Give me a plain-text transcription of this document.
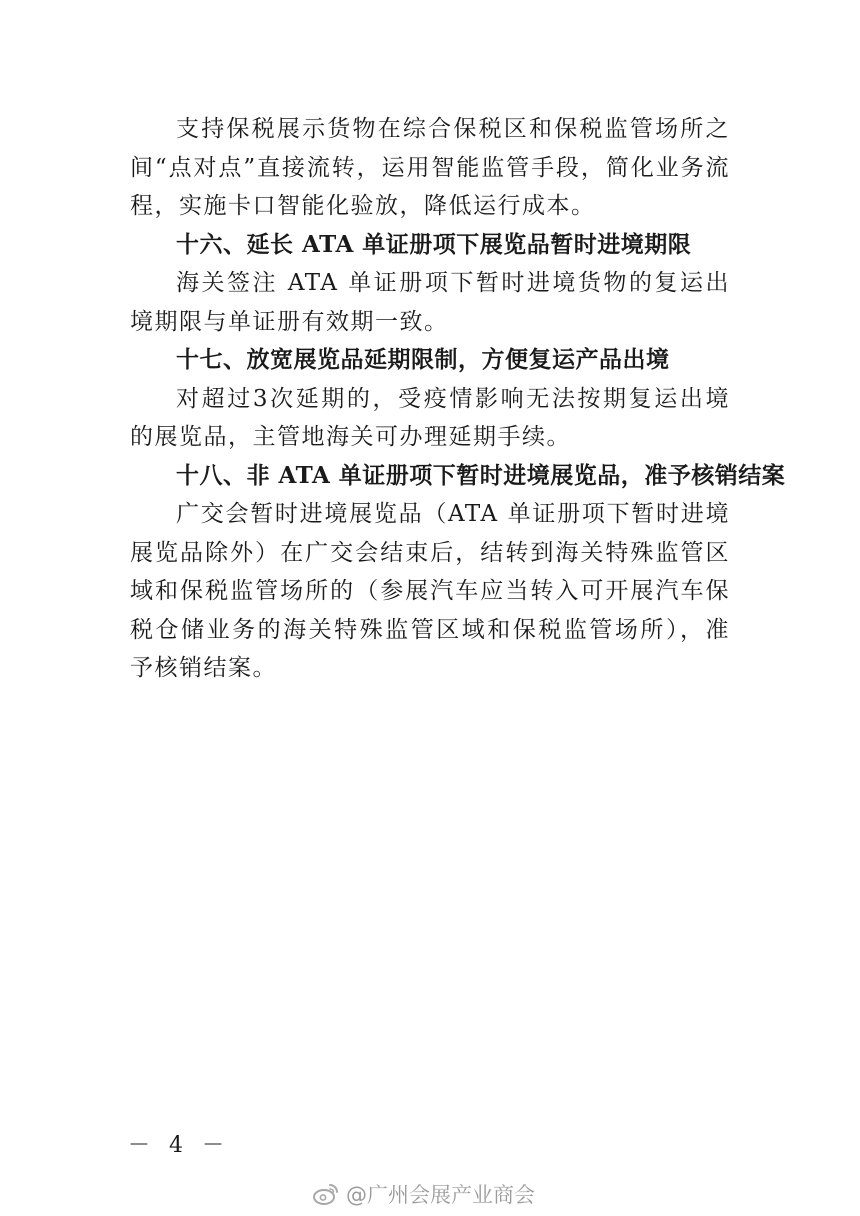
支持保税展示货物在综合保税区和保税监管场所之间“点对点”直接流转，运用智能监管手段，简化业务流程，实施卡口智能化验放，降低运行成本。

十六、延长 ATA 单证册项下展览品暂时进境期限

海关签注 ATA 单证册项下暂时进境货物的复运出境期限与单证册有效期一致。

十七、放宽展览品延期限制，方便复运产品出境

对超过3次延期的，受疫情影响无法按期复运出境的展览品，主管地海关可办理延期手续。

十八、非 ATA 单证册项下暂时进境展览品，准予核销结案

广交会暂时进境展览品（ATA 单证册项下暂时进境展览品除外）在广交会结束后，结转到海关特殊监管区域和保税监管场所的（参展汽车应当转入可开展汽车保税仓储业务的海关特殊监管区域和保税监管场所），准予核销结案。

－ 4 －
@广州会展产业商会
